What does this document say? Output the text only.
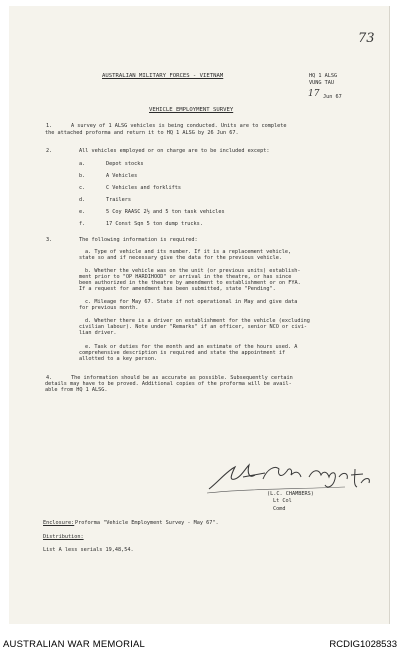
73
AUSTRALIAN MILITARY FORCES - VIETNAM	HQ 1 ALSG
VUNG TAU
17 Jun 67
VEHICLE EMPLOYMENT SURVEY
1.	A survey of 1 ALSG vehicles is being conducted. Units are to complete
the attached proforma and return it to HQ 1 ALSG by 26 Jun 67.
2.	All vehicles employed or on charge are to be included except:
a.	Depot stocks
b.	A Vehicles
c.	C Vehicles and forklifts
d.	Trailers
e.	5 Coy RAASC 2½ and 5 ton task vehicles
f.	17 Const Sqn 5 ton dump trucks.
3.	The following information is required:
a. Type of vehicle and its number. If it is a replacement vehicle,
state so and if necessary give the data for the previous vehicle.
b. Whether the vehicle was on the unit (or previous units) establish-
ment prior to "OP HARDIHOOD" or arrival in the theatre, or has since
been authorized in the theatre by amendment to establishment or on FYA.
If a request for amendment has been submitted, state "Pending".
c. Mileage for May 67. State if not operational in May and give data
for previous month.
d. Whether there is a driver on establishment for the vehicle (excluding
civilian labour). Note under "Remarks" if an officer, senior NCO or civi-
lian driver.
e. Task or duties for the month and an estimate of the hours used. A
comprehensive description is required and state the appointment if
allotted to a key person.
4.	The information should be as accurate as possible. Subsequently certain
details may have to be proved. Additional copies of the proforma will be avail-
able from HQ 1 ALSG.
(L.C. CHAMBERS)
Lt Col
Comd
Enclosure: Proforma "Vehicle Employment Survey - May 67".
Distribution:
List A less serials 19,48,54.
AUSTRALIAN WAR MEMORIAL	RCDIG1028533
